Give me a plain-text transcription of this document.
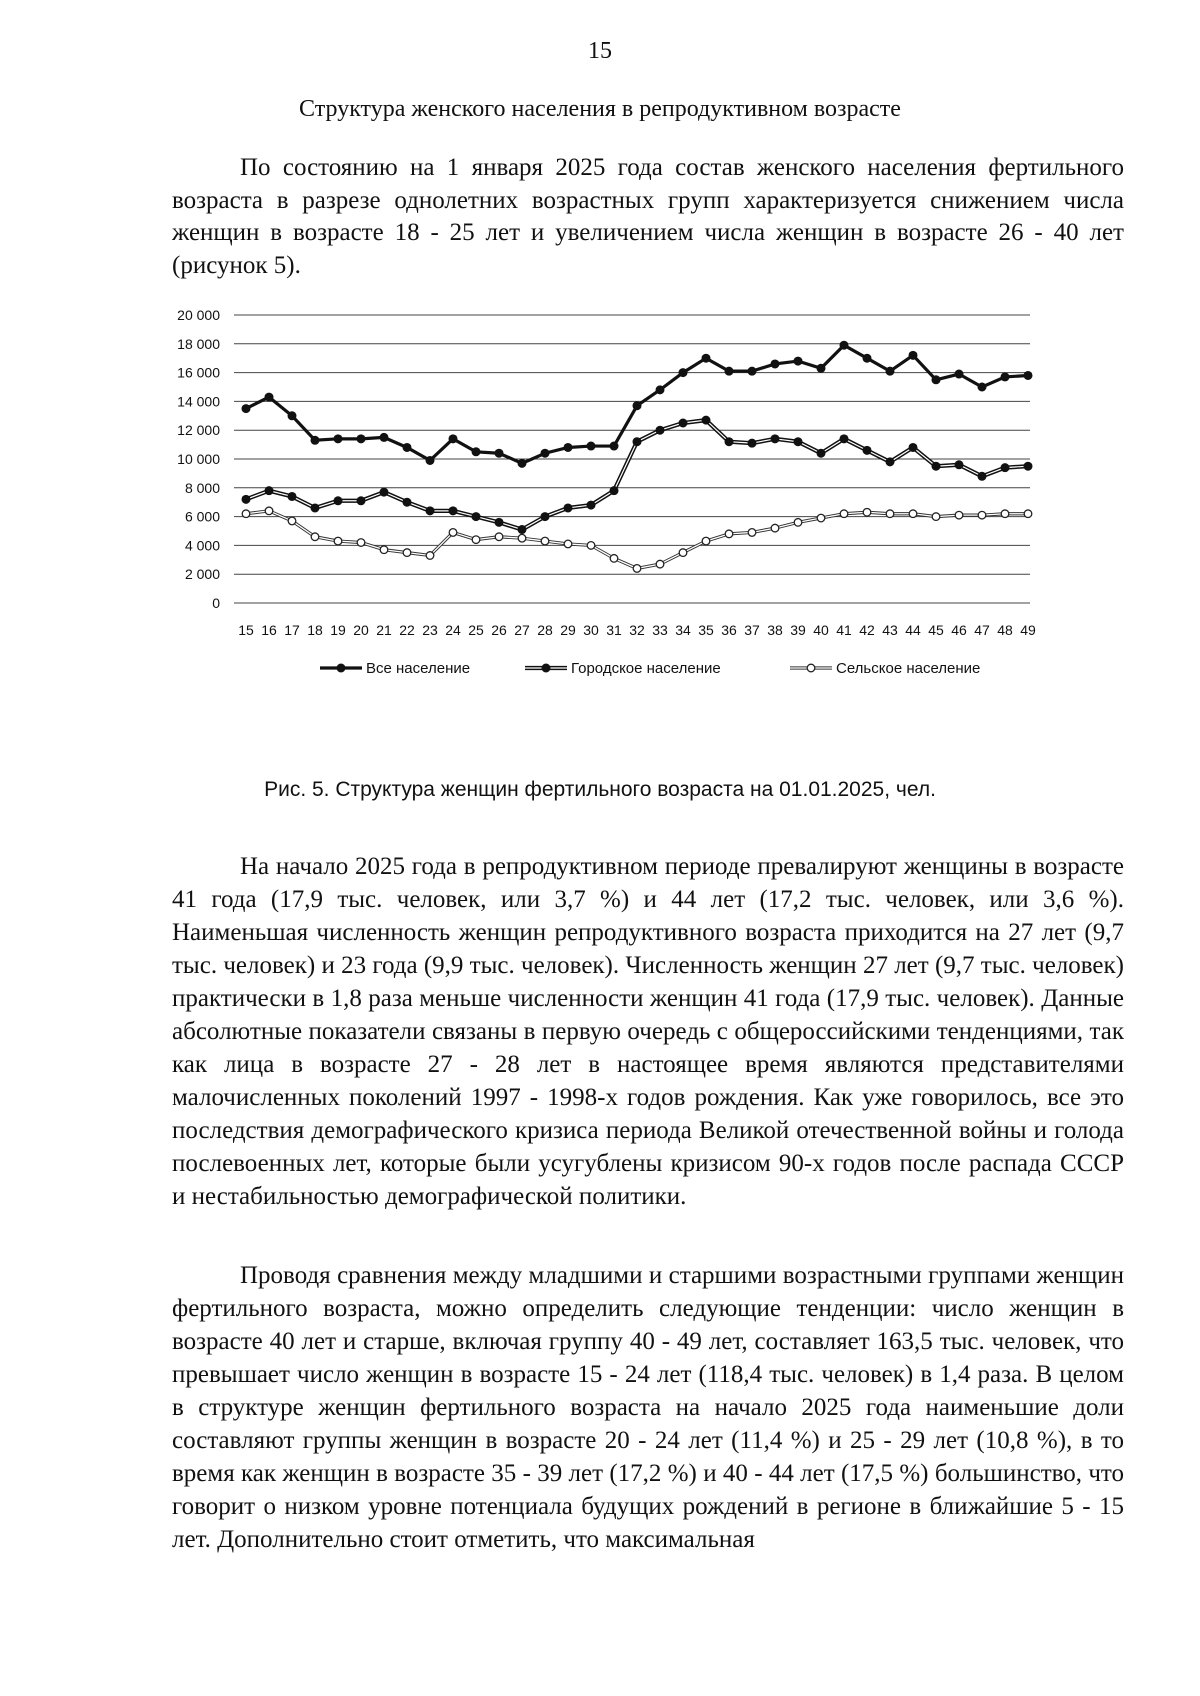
15
Структура женского населения в репродуктивном возрасте

По состоянию на 1 января 2025 года состав женского населения фертильного возраста в разрезе однолетних возрастных групп характеризуется снижением числа женщин в возрасте 18 - 25 лет и увеличением числа женщин в возрасте 26 - 40 лет (рисунок 5).

0
2 000
4 000
6 000
8 000
10 000
12 000
14 000
16 000
18 000
20 000
15 16 17 18 19 20 21 22 23 24 25 26 27 28 29 30 31 32 33 34 35 36 37 38 39 40 41 42 43 44 45 46 47 48 49
Все население	Городское население	Сельское население
Рис. 5. Структура женщин фертильного возраста на 01.01.2025, чел.

На начало 2025 года в репродуктивном периоде превалируют женщины в возрасте 41 года (17,9 тыс. человек, или 3,7 %) и 44 лет (17,2 тыс. человек, или 3,6 %). Наименьшая численность женщин репродуктивного возраста приходится на 27 лет (9,7 тыс. человек) и 23 года (9,9 тыс. человек). Численность женщин 27 лет (9,7 тыс. человек) практически в 1,8 раза меньше численности женщин 41 года (17,9 тыс. человек). Данные абсолютные показатели связаны в первую очередь с общероссийскими тенденциями, так как лица в возрасте 27 - 28 лет в настоящее время являются представителями малочисленных поколений 1997 - 1998-х годов рождения. Как уже говорилось, все это последствия демографического кризиса периода Великой отечественной войны и голода послевоенных лет, которые были усугублены кризисом 90-х годов после распада СССР и нестабильностью демографической политики.

Проводя сравнения между младшими и старшими возрастными группами женщин фертильного возраста, можно определить следующие тенденции: число женщин в возрасте 40 лет и старше, включая группу 40 - 49 лет, составляет 163,5 тыс. человек, что превышает число женщин в возрасте 15 - 24 лет (118,4 тыс. человек) в 1,4 раза. В целом в структуре женщин фертильного возраста на начало 2025 года наименьшие доли составляют группы женщин в возрасте 20 - 24 лет (11,4 %) и 25 - 29 лет (10,8 %), в то время как женщин в возрасте 35 - 39 лет (17,2 %) и 40 - 44 лет (17,5 %) большинство, что говорит о низком уровне потенциала будущих рождений в регионе в ближайшие 5 - 15 лет. Дополнительно стоит отметить, что максимальная
